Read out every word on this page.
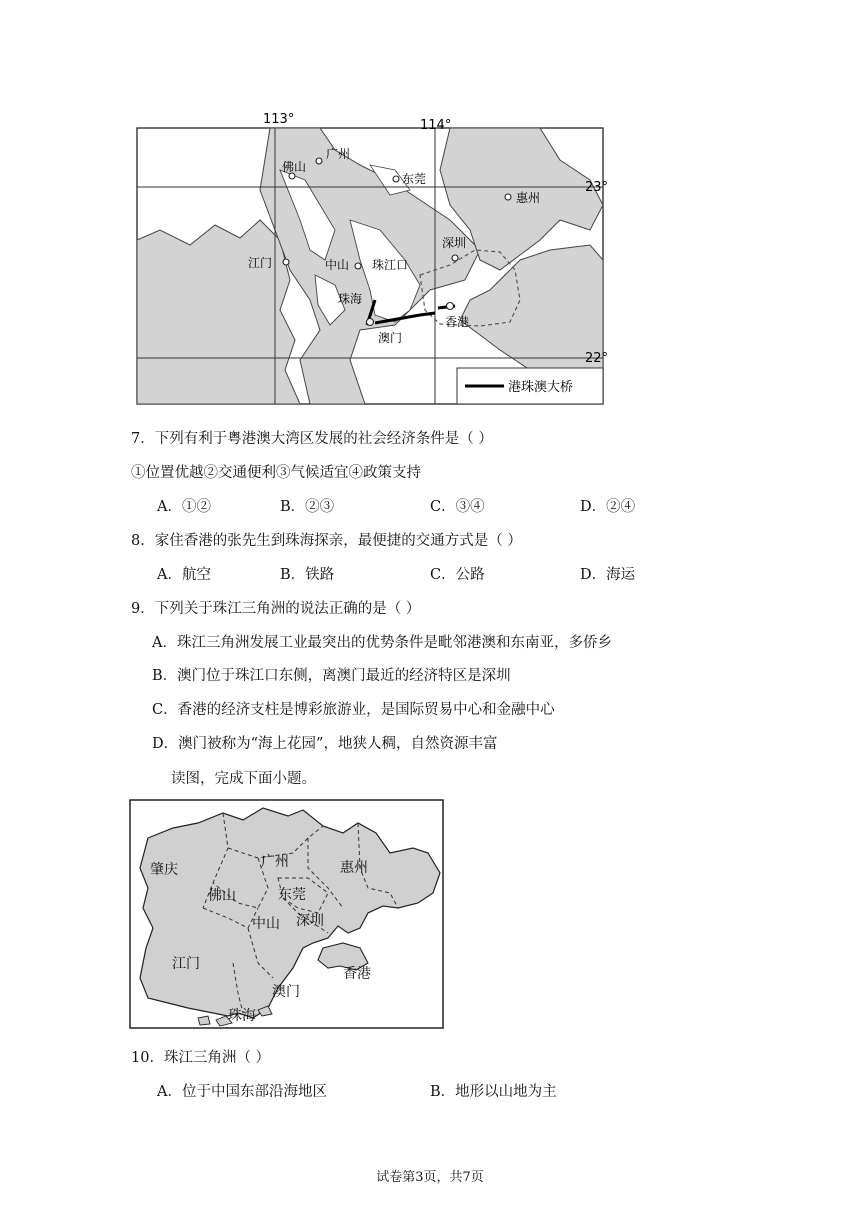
113°	114°
23°
22°
广州
佛山
东莞
惠州
深圳
江门	中山 珠江口
珠海
澳门
香港
港珠澳大桥
7．下列有利于粤港澳大湾区发展的社会经济条件是（ ）
①位置优越②交通便利③气候适宜④政策支持
A．①②	B．②③	C．③④	D．②④
8．家住香港的张先生到珠海探亲，最便捷的交通方式是（ ）
A．航空	B．铁路	C．公路	D．海运
9．下列关于珠江三角洲的说法正确的是（ ）
A．珠江三角洲发展工业最突出的优势条件是毗邻港澳和东南亚，多侨乡
B．澳门位于珠江口东侧，离澳门最近的经济特区是深圳
C．香港的经济支柱是博彩旅游业，是国际贸易中心和金融中心
D．澳门被称为“海上花园”，地狭人稠，自然资源丰富
读图，完成下面小题。
肇庆	广州	惠州
佛山	东莞
中山 深圳
江门
香港
澳门
珠海
10．珠江三角洲（ ）
A．位于中国东部沿海地区	B．地形以山地为主
试卷第3页，共7页
